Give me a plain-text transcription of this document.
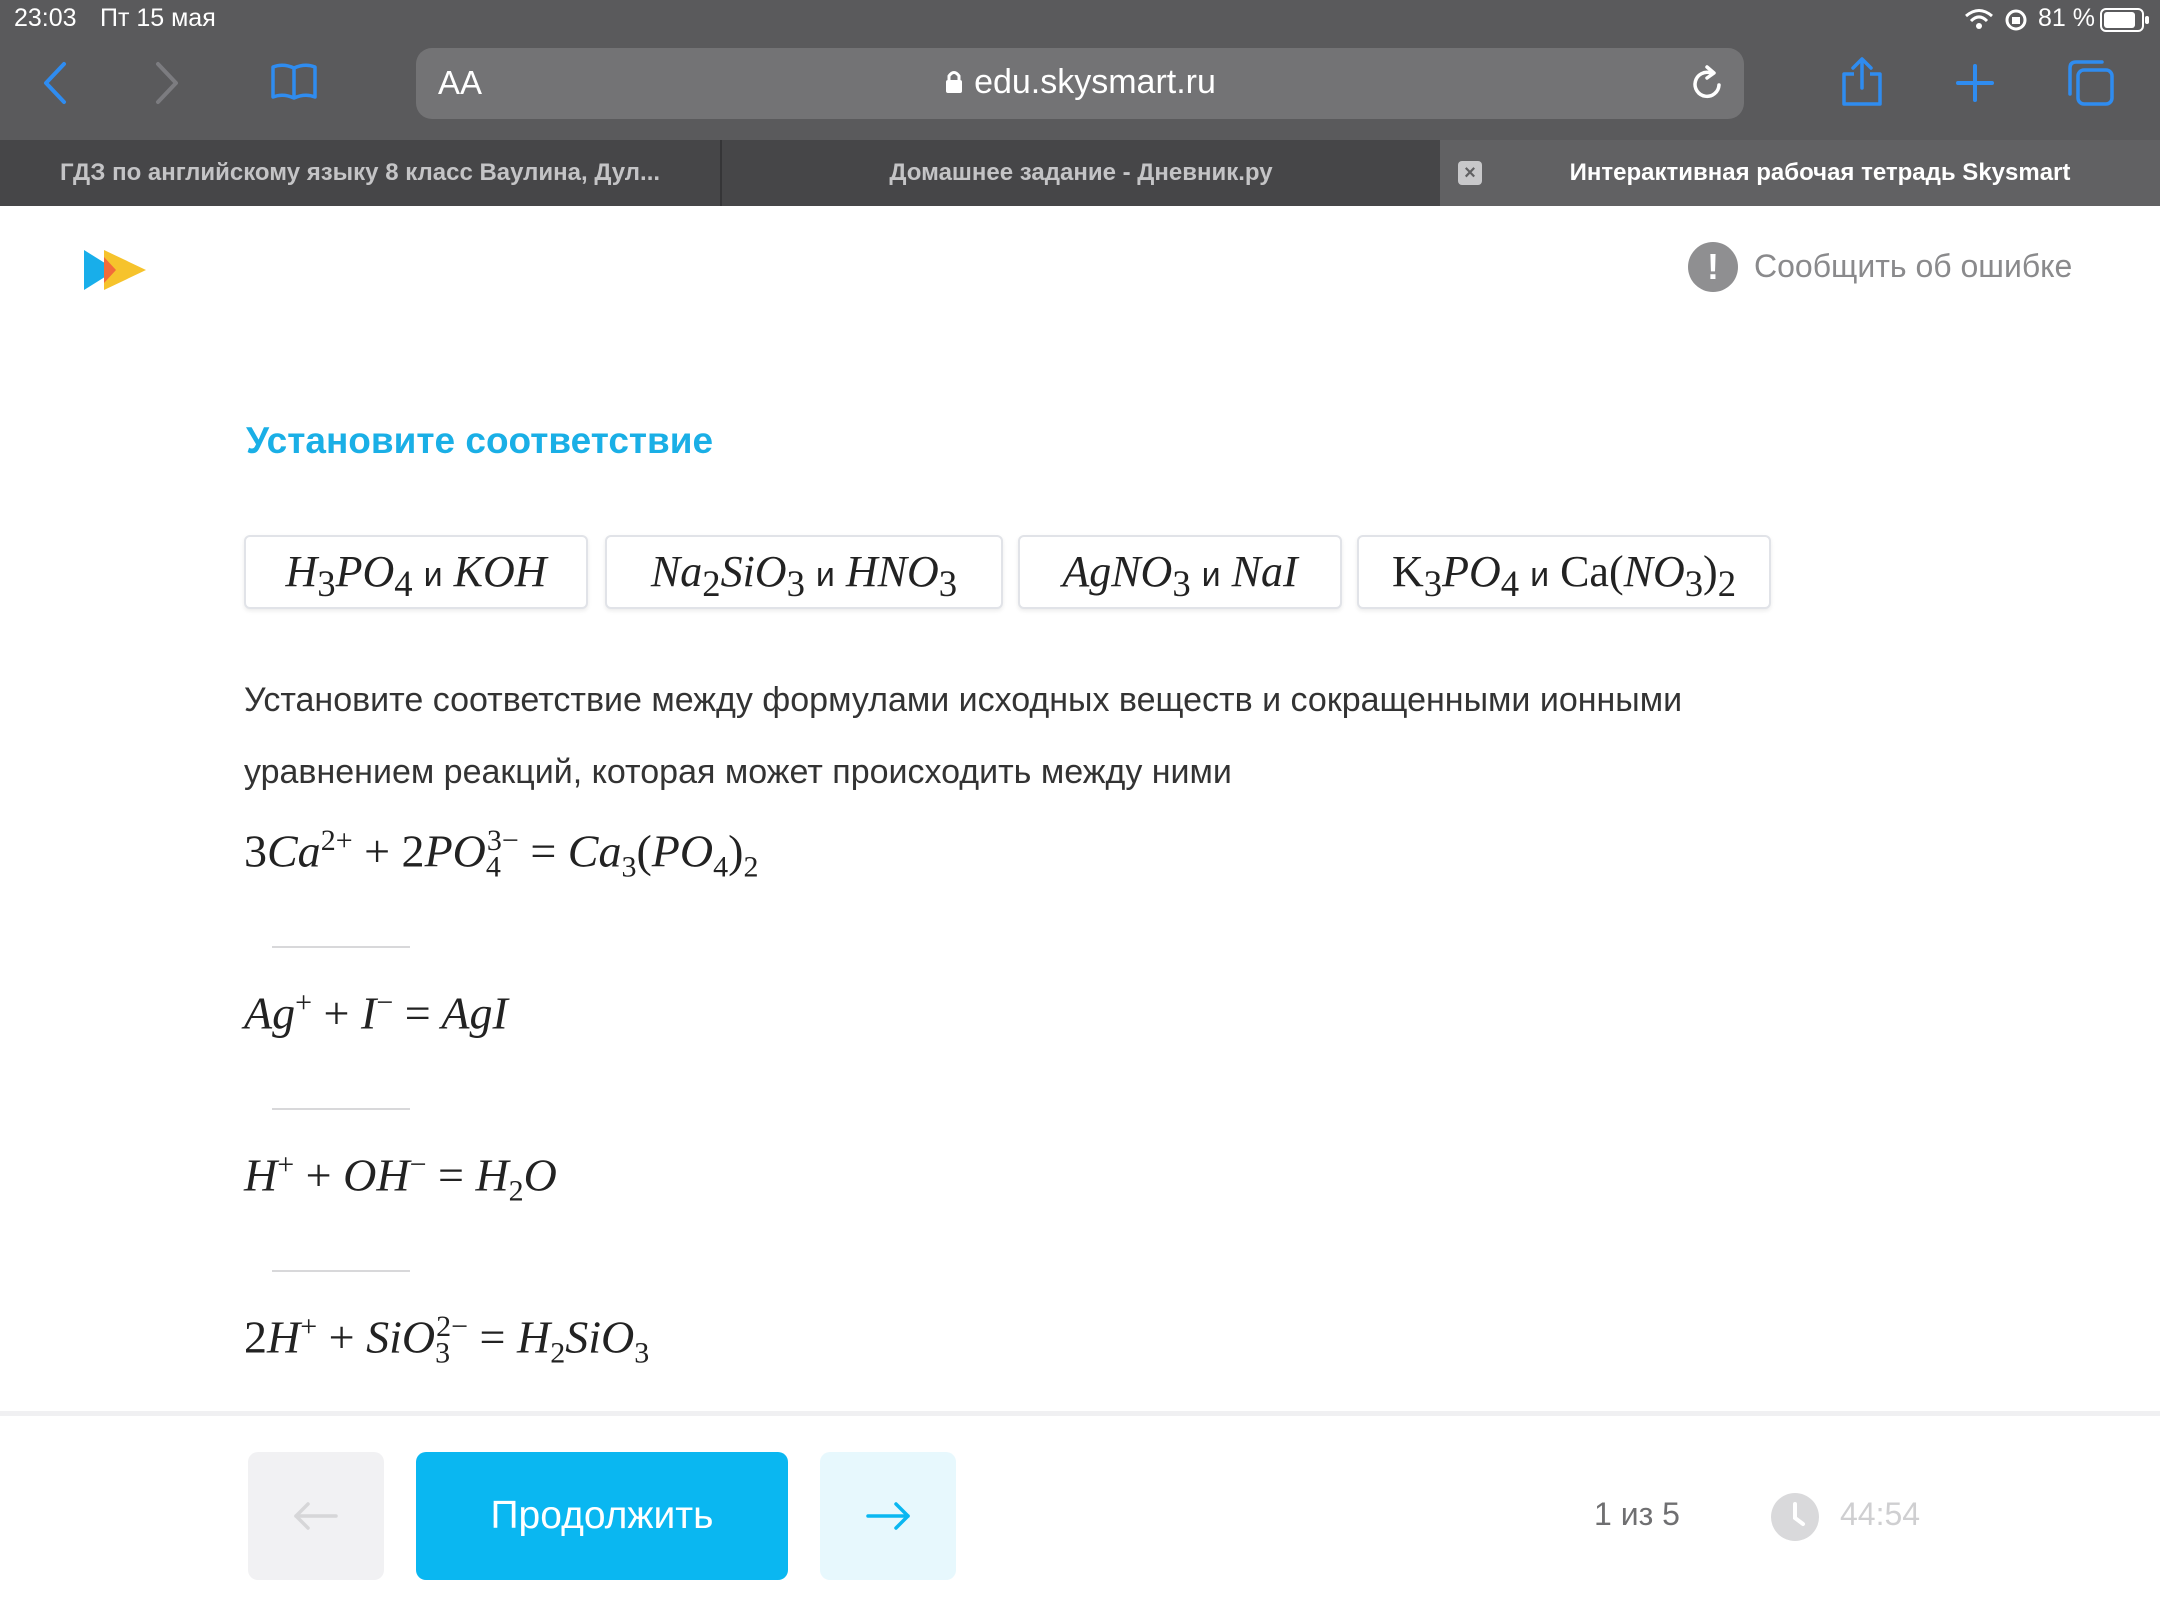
23:03 Пт 15 мая	81 %
AA	edu.skysmart.ru
ГДЗ по английскому языку 8 класс Ваулина, Дул...	Домашнее задание - Дневник.ру	×	Интерактивная рабочая тетрадь Skysmart
!	Сообщить об ошибке
Установите соответствие
$H_3PO_4$ и KOH	$Na_2SiO_3$ и $HNO_3$	AgNO$_3$ и NaI	$K_3PO_4$ и $Ca(NO_3)_2$
Установите соответствие между формулами исходных веществ и сокращенными ионными уравнением реакций, которая может происходить между ними
$3Ca^{2+} + 2PO_4^{3-} = Ca_3(PO_4)_2$
Ag+ + I− = AgI
$H^+ + OH^- = H_2O$
$2H^+ + SiO_3^{2-} = H_2SiO_3$
Продолжить	1 из 5	44:54
